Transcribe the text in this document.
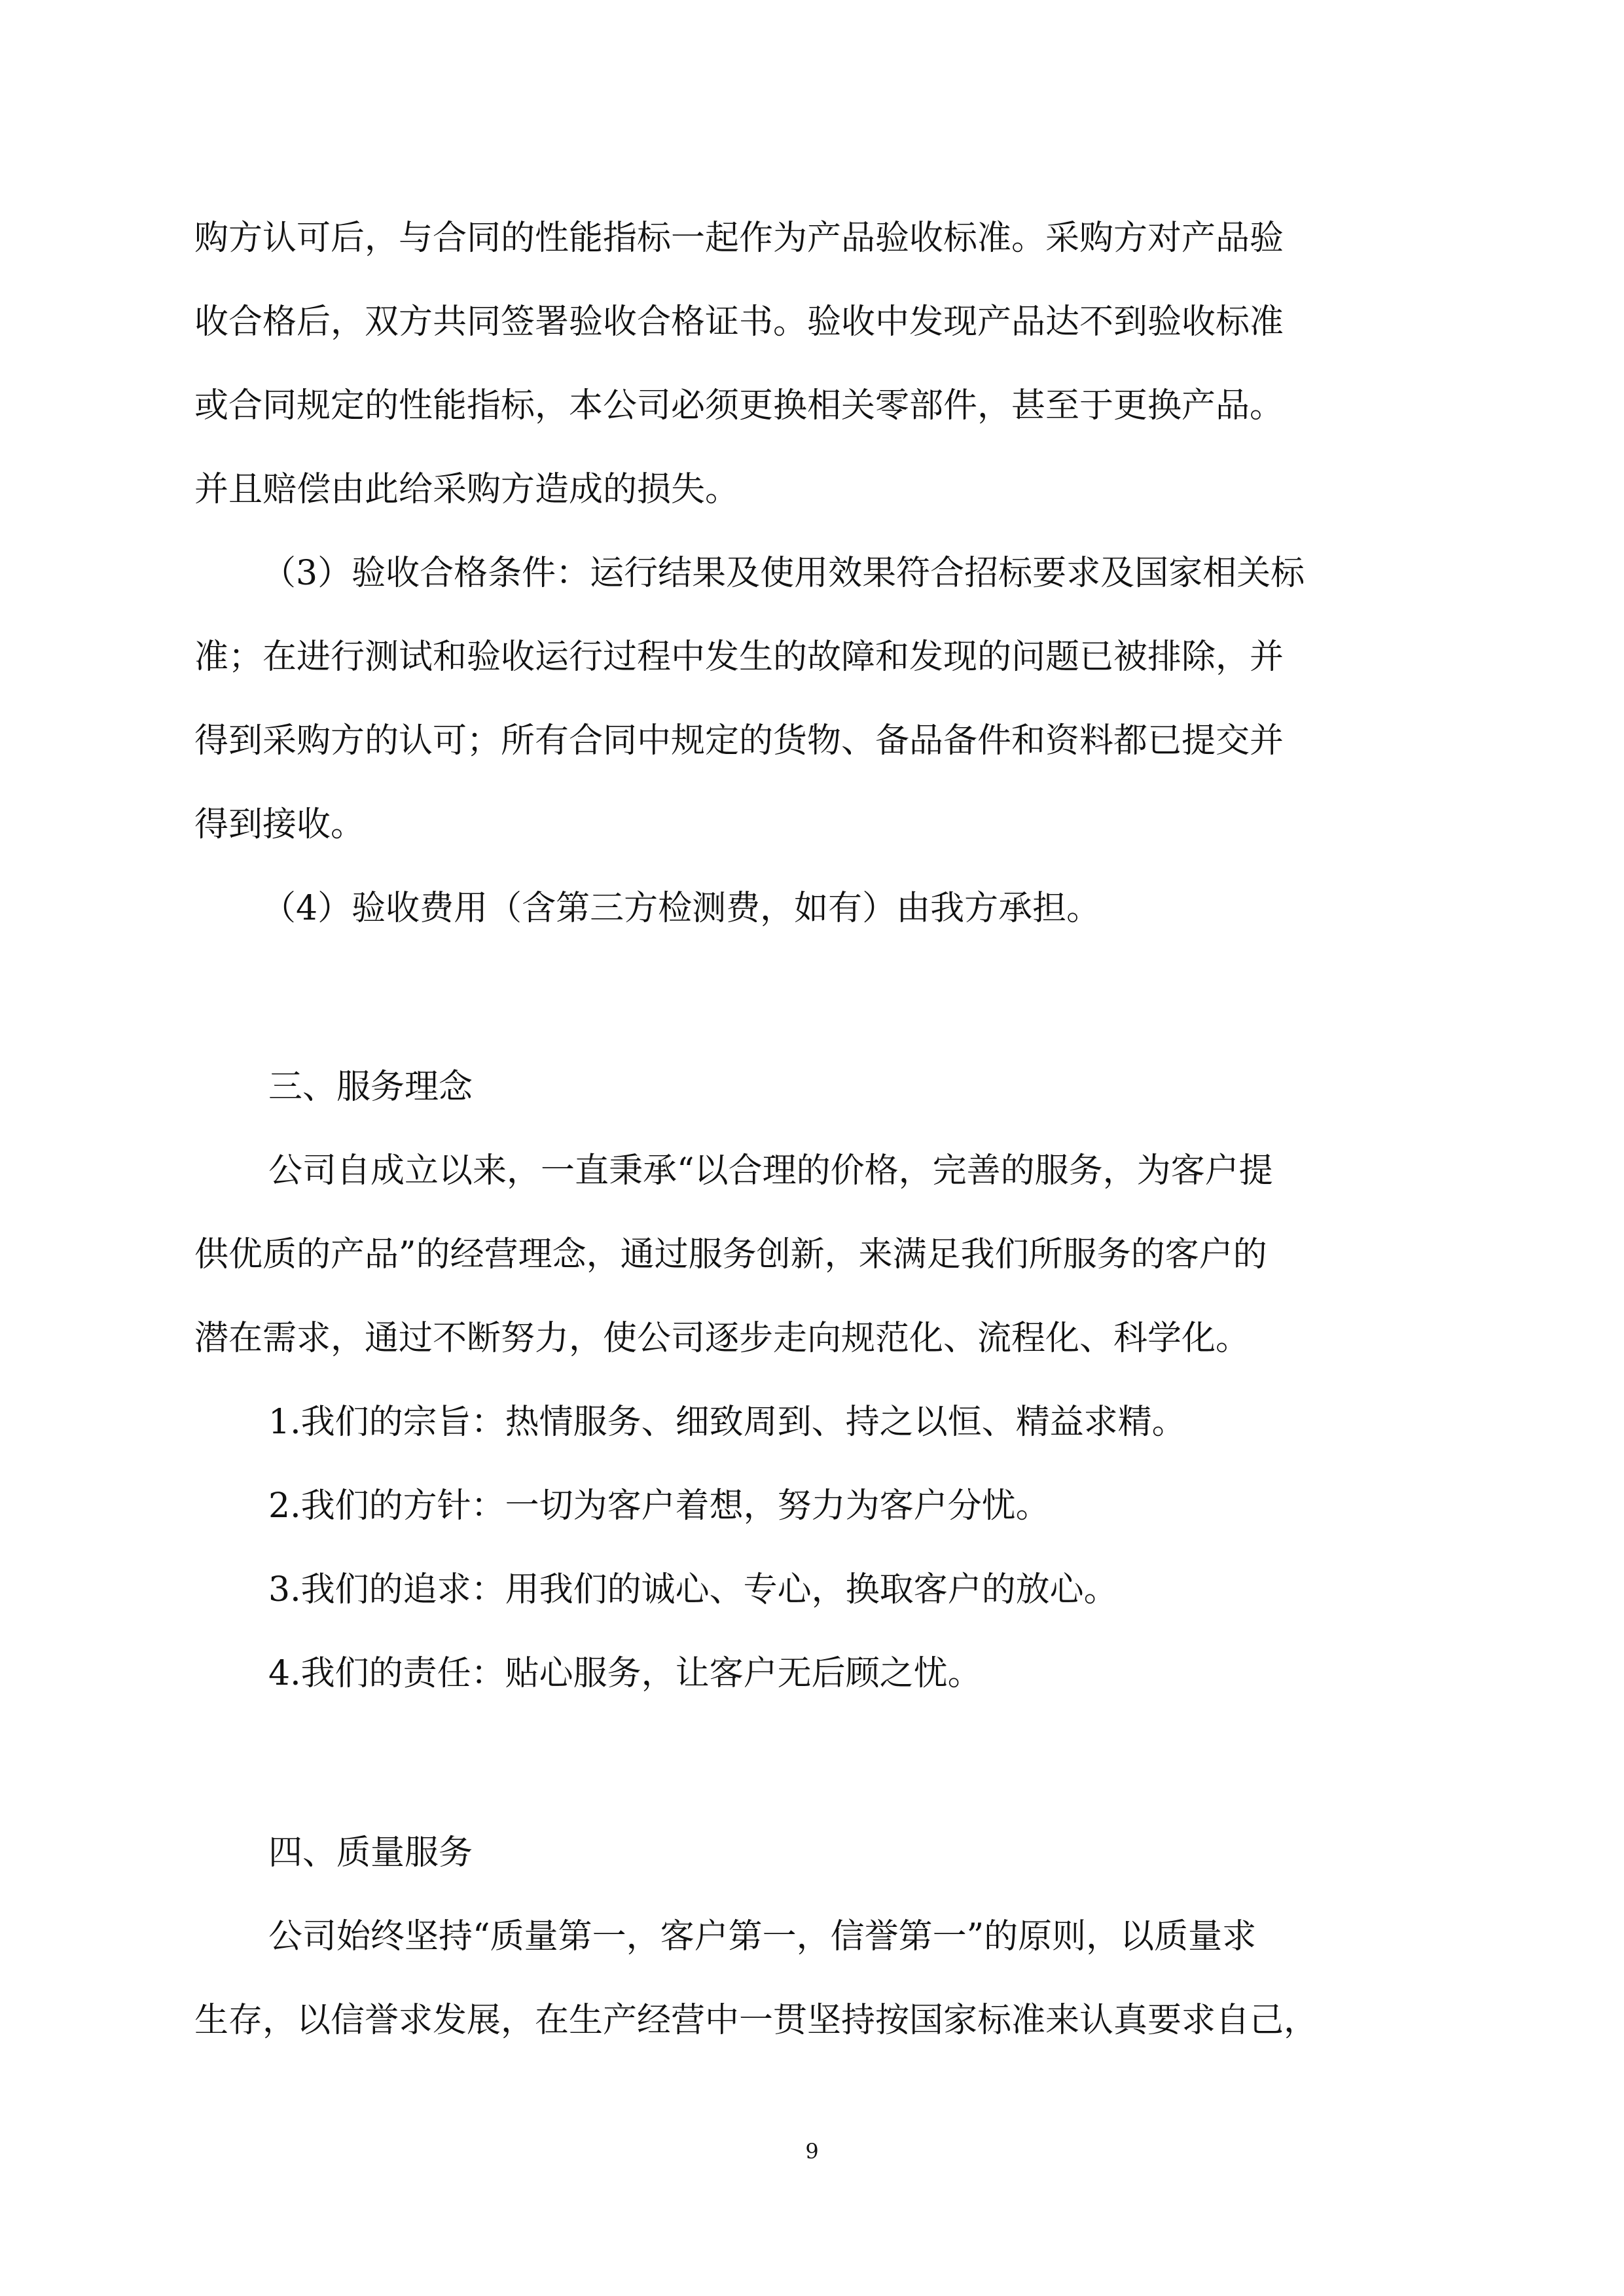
购方认可后，与合同的性能指标一起作为产品验收标准。采购方对产品验
收合格后，双方共同签署验收合格证书。验收中发现产品达不到验收标准
或合同规定的性能指标，本公司必须更换相关零部件，甚至于更换产品。
并且赔偿由此给采购方造成的损失。
（3）验收合格条件：运行结果及使用效果符合招标要求及国家相关标
准；在进行测试和验收运行过程中发生的故障和发现的问题已被排除，并
得到采购方的认可；所有合同中规定的货物、备品备件和资料都已提交并
得到接收。
（4）验收费用（含第三方检测费，如有）由我方承担。
三、服务理念
公司自成立以来，一直秉承“以合理的价格，完善的服务，为客户提
供优质的产品”的经营理念，通过服务创新，来满足我们所服务的客户的
潜在需求，通过不断努力，使公司逐步走向规范化、流程化、科学化。
1.我们的宗旨：热情服务、细致周到、持之以恒、精益求精。
2.我们的方针：一切为客户着想，努力为客户分忧。
3.我们的追求：用我们的诚心、专心，换取客户的放心。
4.我们的责任：贴心服务，让客户无后顾之忧。
四、质量服务
公司始终坚持“质量第一，客户第一，信誉第一”的原则，以质量求
生存，以信誉求发展，在生产经营中一贯坚持按国家标准来认真要求自己，
9
